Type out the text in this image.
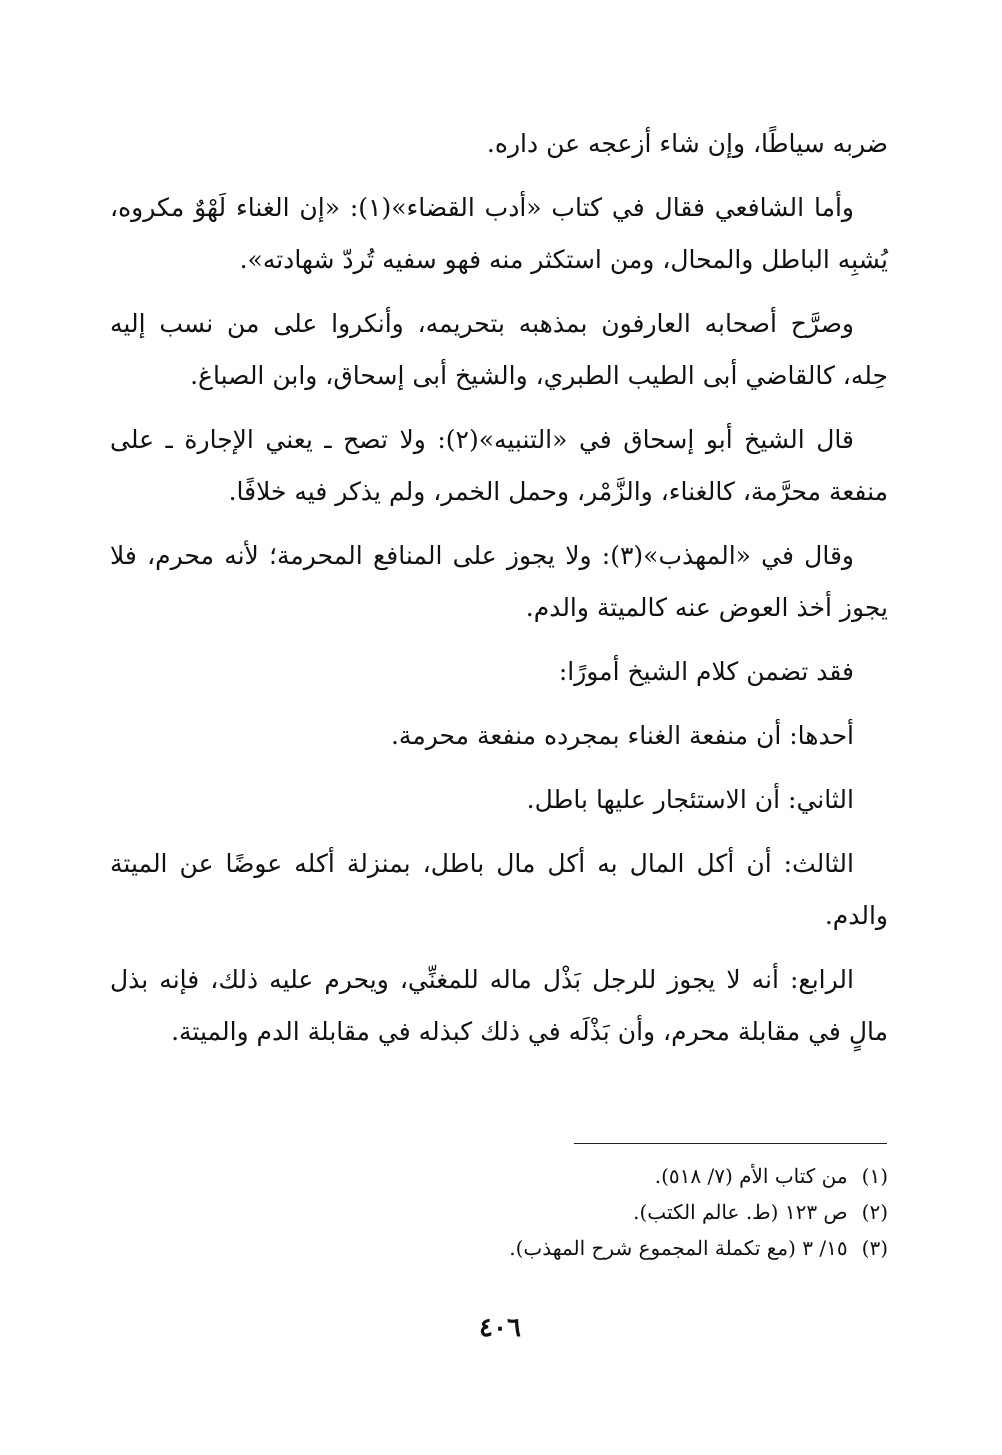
ضربه سياطًا، وإن شاء أزعجه عن داره.

وأما الشافعي فقال في كتاب «أدب القضاء»(١): «إن الغناء لَهْوٌ مكروه، يُشبِه الباطل والمحال، ومن استكثر منه فهو سفيه تُردّ شهادته».

وصرَّح أصحابه العارفون بمذهبه بتحريمه، وأنكروا على من نسب إليه حِله، كالقاضي أبى الطيب الطبري، والشيخ أبى إسحاق، وابن الصباغ.

قال الشيخ أبو إسحاق في «التنبيه»(٢): ولا تصح ـ يعني الإجارة ـ على منفعة محرَّمة، كالغناء، والزَّمْر، وحمل الخمر، ولم يذكر فيه خلافًا.

وقال في «المهذب»(٣): ولا يجوز على المنافع المحرمة؛ لأنه محرم، فلا يجوز أخذ العوض عنه كالميتة والدم.

فقد تضمن كلام الشيخ أمورًا:

أحدها: أن منفعة الغناء بمجرده منفعة محرمة.

الثاني: أن الاستئجار عليها باطل.

الثالث: أن أكل المال به أكل مال باطل، بمنزلة أكله عوضًا عن الميتة والدم.

الرابع: أنه لا يجوز للرجل بَذْل ماله للمغنِّي، ويحرم عليه ذلك، فإنه بذل مالٍ في مقابلة محرم، وأن بَذْلَه في ذلك كبذله في مقابلة الدم والميتة.

(١)من كتاب الأم (٧/ ٥١٨).
(٢)ص ١٢٣ (ط. عالم الكتب).
(٣)١٥/ ٣ (مع تكملة المجموع شرح المهذب).
٤٠٦
